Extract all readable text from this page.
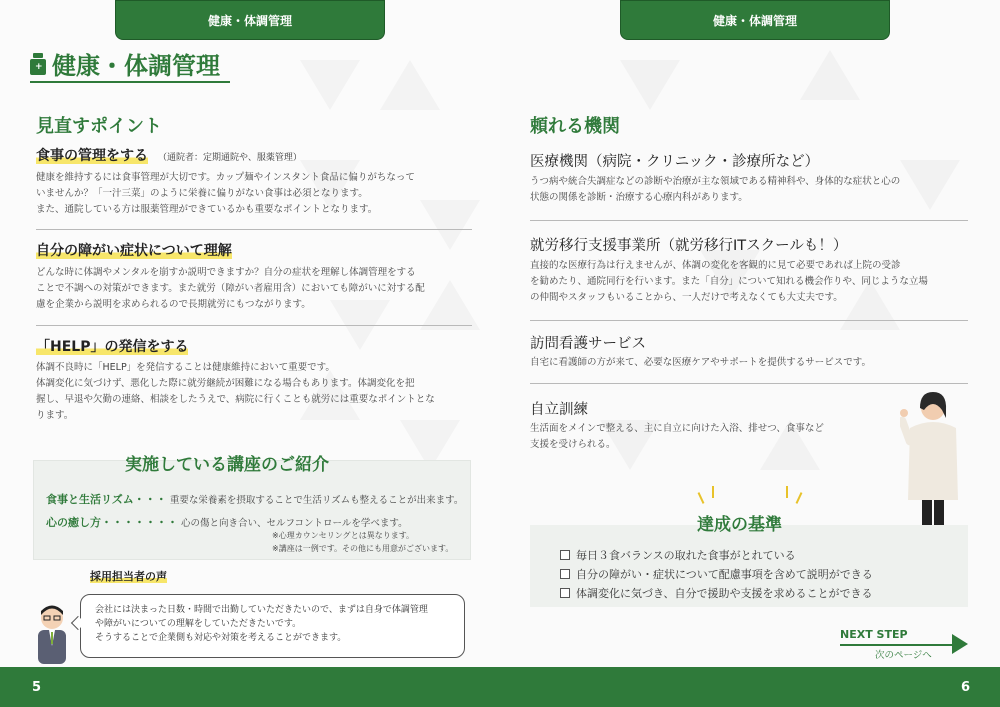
健康・体調管理
+ 健康・体調管理
見直すポイント
食事の管理をする （通院者：定期通院や、服薬管理）
健康を維持するには食事管理が大切です。カップ麺やインスタント食品に偏りがちなって
いませんか？「一汁三菜」のように栄養に偏りがない食事は必須となります。
また、通院している方は服薬管理ができているかも重要なポイントとなります。
自分の障がい症状について理解
どんな時に体調やメンタルを崩すか説明できますか？自分の症状を理解し体調管理をする
ことで不調への対策ができます。また就労（障がい者雇用含）においても障がいに対する配
慮を企業から説明を求められるので長期就労にもつながります。
「HELP」の発信をする
体調不良時に「HELP」を発信することは健康維持において重要です。
体調変化に気づけず、悪化した際に就労継続が困難になる場合もあります。体調変化を把
握し、早退や欠勤の連絡、相談をしたうえで、病院に行くことも就労には重要なポイントとな
ります。
実施している講座のご紹介
食事と生活リズム・・・ 重要な栄養素を摂取することで生活リズムも整えることが出来ます。
心の癒し方・・・・・・・ 心の傷と向き合い、セルフコントロールを学べます。
※心理カウンセリングとは異なります。
※講座は一例です。その他にも用意がございます。
採用担当者の声
会社には決まった日数・時間で出勤していただきたいので、まずは自身で体調管理
や障がいについての理解をしていただきたいです。
そうすることで企業側も対応や対策を考えることができます。
5
健康・体調管理
6
頼れる機関
医療機関（病院・クリニック・診療所など）
うつ病や統合失調症などの診断や治療が主な領域である精神科や、身体的な症状と心の
状態の関係を診断・治療する心療内科があります。
就労移行支援事業所（就労移行ITスクールも！）
直接的な医療行為は行えませんが、体調の変化を客観的に見て必要であれば上院の受診
を勧めたり、通院同行を行います。また「自分」について知れる機会作りや、同じような立場
の仲間やスタッフもいることから、一人だけで考えなくても大丈夫です。
訪問看護サービス
自宅に看護師の方が来て、必要な医療ケアやサポートを提供するサービスです。
自立訓練
生活面をメインで整える、主に自立に向けた入浴、排せつ、食事など
支援を受けられる。
達成の基準
毎日３食バランスの取れた食事がとれている
自分の障がい・症状について配慮事項を含めて説明ができる
体調変化に気づき、自分で援助や支援を求めることができる
NEXT STEP
次のページへ
